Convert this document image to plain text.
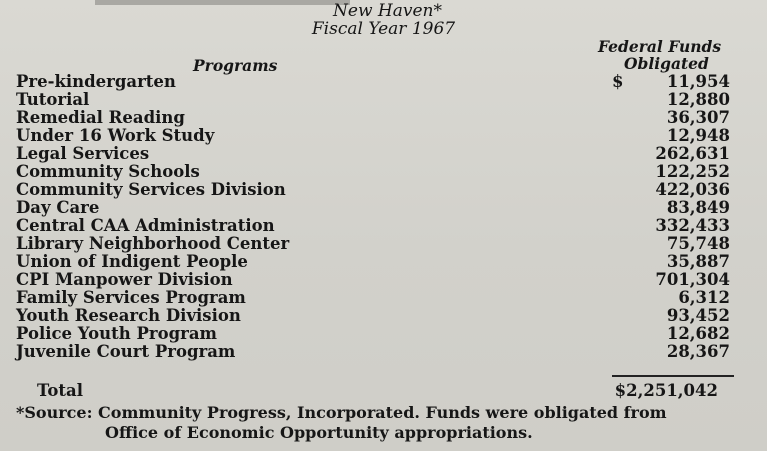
New Haven*
Fiscal Year 1967
Programs
Federal Funds
Obligated
Pre-kindergarten	$	11,954
Tutorial	12,880
Remedial Reading	36,307
Under 16 Work Study	12,948
Legal Services	262,631
Community Schools	122,252
Community Services Division	422,036
Day Care	83,849
Central CAA Administration	332,433
Library Neighborhood Center	75,748
Union of Indigent People	35,887
CPI Manpower Division	701,304
Family Services Program	6,312
Youth Research Division	93,452
Police Youth Program	12,682
Juvenile Court Program	28,367
Total	$2,251,042
*Source: Community Progress, Incorporated. Funds were obligated from
Office of Economic Opportunity appropriations.
